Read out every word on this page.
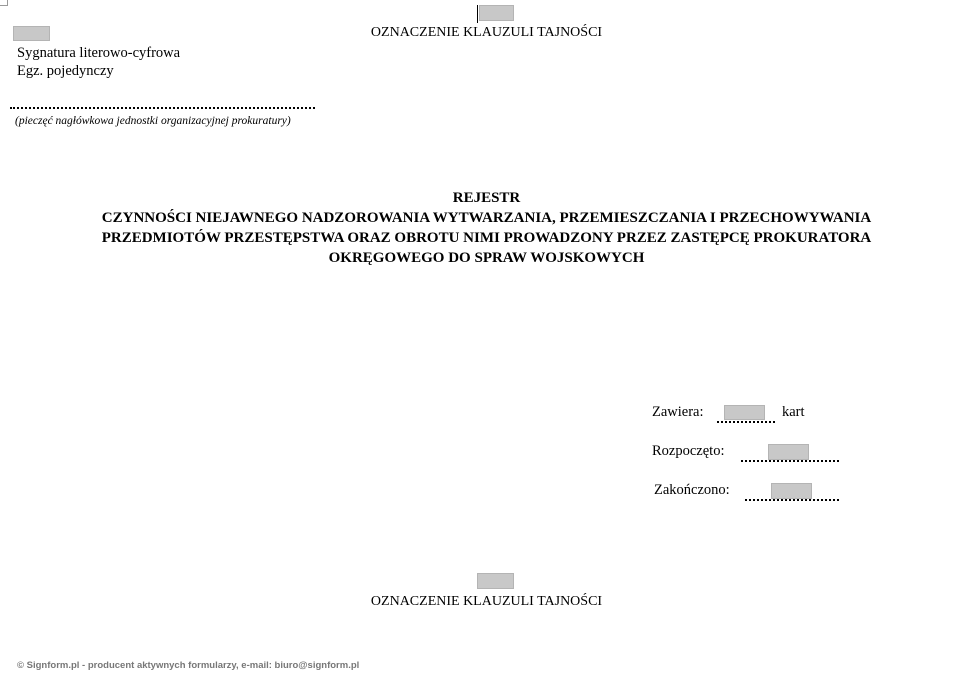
OZNACZENIE KLAUZULI TAJNOŚCI
Sygnatura literowo-cyfrowa
Egz. pojedynczy
(pieczęć nagłówkowa jednostki organizacyjnej prokuratury)
REJESTR
CZYNNOŚCI NIEJAWNEGO NADZOROWANIA WYTWARZANIA, PRZEMIESZCZANIA I PRZECHOWYWANIA
PRZEDMIOTÓW PRZESTĘPSTWA ORAZ OBROTU NIMI PROWADZONY PRZEZ ZASTĘPCĘ PROKURATORA
OKRĘGOWEGO DO SPRAW WOJSKOWYCH
Zawiera:	kart
Rozpoczęto:
Zakończono:
OZNACZENIE KLAUZULI TAJNOŚCI
© Signform.pl - producent aktywnych formularzy, e-mail: biuro@signform.pl
